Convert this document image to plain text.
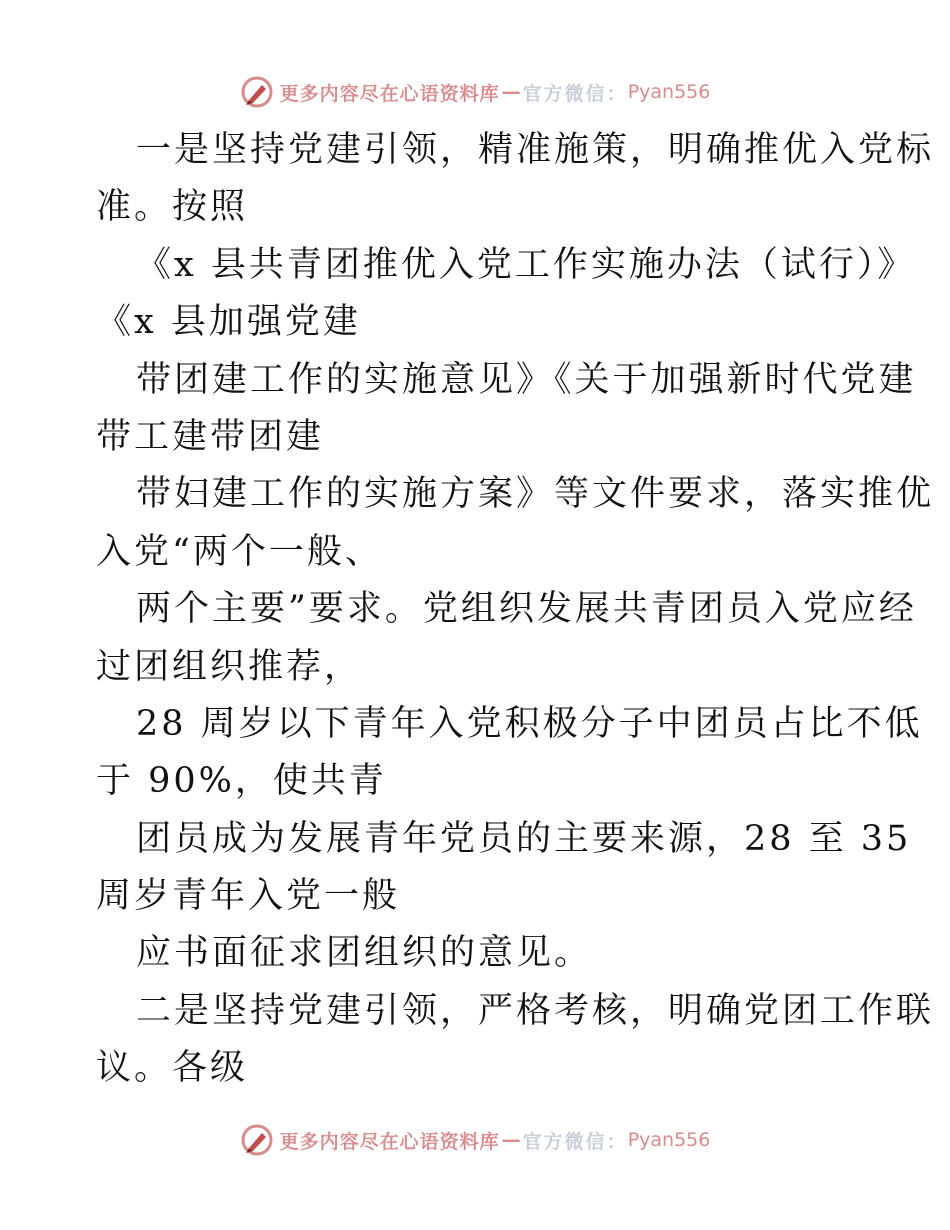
更多内容尽在心语资料库 — 官方微信： Pyan556
一是坚持党建引领，精准施策，明确推优入党标
准。按照
《x 县共青团推优入党工作实施办法（试行）》
《x 县加强党建
带团建工作的实施意见》《关于加强新时代党建
带工建带团建
带妇建工作的实施方案》等文件要求，落实推优
入党“两个一般、
两个主要”要求。党组织发展共青团员入党应经
过团组织推荐，
28 周岁以下青年入党积极分子中团员占比不低
于 90%，使共青
团员成为发展青年党员的主要来源，28 至 35
周岁青年入党一般
应书面征求团组织的意见。
二是坚持党建引领，严格考核，明确党团工作联
议。各级
更多内容尽在心语资料库 — 官方微信： Pyan556
